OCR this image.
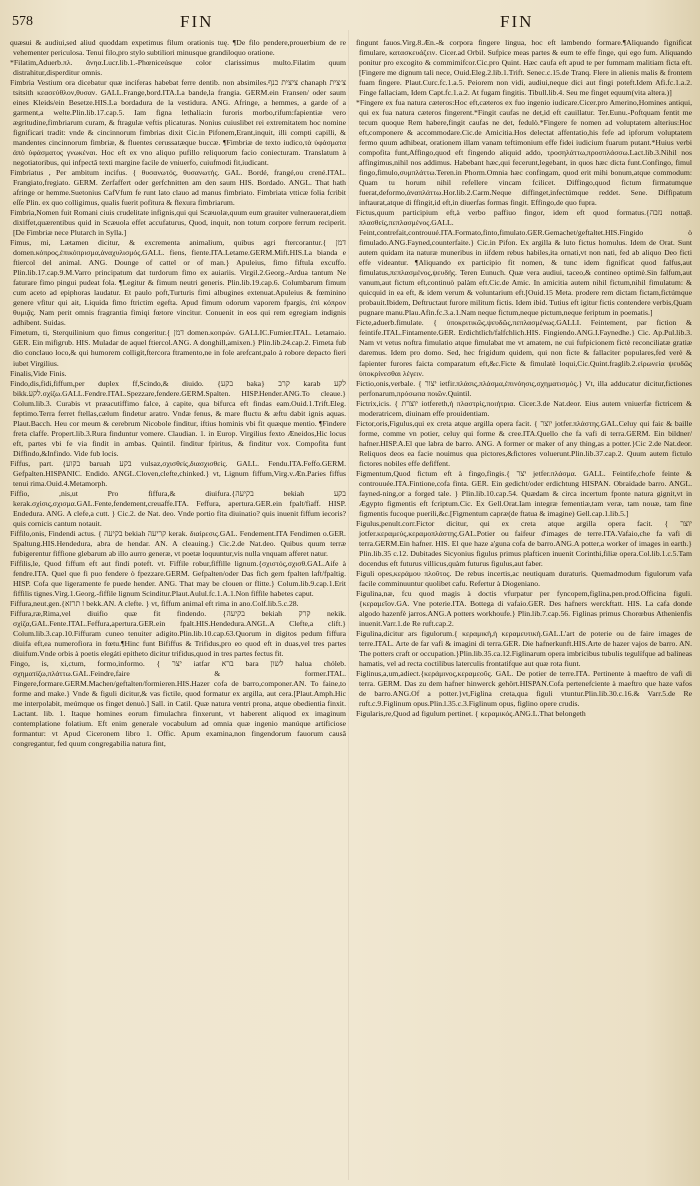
578	FIN	FIN

quæsui & audiui,sed aliud quoddam expetimus filum orationis tuę. ¶De filo pendere,prouerbium de re vehementer periculosa. Tenui filo,pro stylo subtiliori minusque grandiloquo oratione.

*Filatim,Aduerb.πλ. ἄνηα.Lucr.lib.1.-Phœniceúsque color clarissimus multo.Filatim quum distrahitur,disperditur omnis.

Fimbria Vestium ora dicebatur quæ inciferas habebat ferre dentib. non absimiles.ציצית כנף chanaph צ׳צית tsitsith κεασεύθλον,θυσαν. GALL.Frange,bord.ITA.La bande,la frangia. GERM.ein Fransen/ oder saum eines Kleids/ein Besetze.HIS.La bordadura de la vestidura. ANG. Afringe, a hemmes, a garde of a garment,a welte.Plin.lib.17.cap.5. Iam figna lethalia:in furoris morbo,rifum:fapientiæ vero ægritudine,fimbriarum curam, & ftragulæ veftis plicaturas. Nonius cuiuslibet rei extremitatem hoc nomine fignificari tradit: vnde & cincinnorum fimbrias dixit Cic.in Pifonem,Erant,inquit, illi compti capilli, & mandentes cincinnorum fimbriæ, & fluentes cerussatæque buccæ. ¶Fimbriæ de texto iudico,τὰ ὑφάσματα ἀπὸ ὑφάσματος γνωκέναι. Hoc eft ex vno aliquo pufillo reliquorum facio coniecturam. Translatum à negotiatoribus, qui infpectâ texti margine facile de vniuerfo, cuiufmodi fit,iudicant.

Fimbriatus , Per ambitum incifus. { θυσανωτός, θυσανωτής. GAL. Bordé, frangé,ou crené.ITAL. Frangiato,fregiato. GERM. Zerfaffert oder gerfchnitten am den saum HIS. Bordado. ANGL. That hath afringe or hemme.Suetonius CafVfum fe runt lato clauo ad manus fimbriato. Fimbriata vtticæ folia fcribit eſſe Plin. ex quo colligimus, qualis fuerit pofitura & flexura fimbriarum.

Fimbria,Nomen fuit Romani ciuis crudelitate infignis,qui qui Scæuolæ,quum eum grauiter vulnerauerat,diem dixiffet,quærentibus quid in Scæuola effet accufaturus, Quod, inquit, non totum corpore ferrum reciperit.[De Fimbriæ nece Plutarch in Sylla.]

Fimus, mi, Lætamen dicitur, & excrementa animalium, quibus agri ftercorantur.{ דמן domen.κόπρος,ἐπικόπρισμα,ἀναχυλισμός.GALL. fiens, fiente.ITA.Letame.GERM.Mift.HIS.La bianda e ftiercol del animal. ANG. Dounge of cattel or of man.} Apuleius, fimo fiftula excuffo. Plin.lib.17.cap.9.M.Varro principatum dat turdorum fimo ex auiariis. Virgil.2.Georg.-Ardua tantum Ne faturare fimo pingui pudeat fola. ¶Legitur & fimum neutri generis. Plin.lib.19.cap.6. Columbarum fimum cum aceto ad epiphoras laudatur. Et paulo poft,Turturis fimi albugines extenuat.Apuleius & fœminino genere vfitur qui ait, Liquida fimo ftrictim egefta. Apud fimum odorum vaporem fpargis, ἐπὶ κόπρον θυμιᾷς. Nam perit omnis fragrantia fimiqi fœtore vincitur. Conuenit in eos qui rem egregiam indignis adhibent. Suidas.

Fimetum, ti, Sterquilinium quo fimus congeritur.{ דמן domen.κοπρών. GALLIC.Fumier.ITAL. Letamaio. GER. Ein mifigrub. HIS. Muladar de aquel ftiercol.ANG. A donghill,amixen.} Plin.lib.24.cap.2. Fimeta fub dio conclauo loco,& qui humorem colligit,ftercora ftramento,ne in fole arefcant,palo à robore depacto fieri iubet Virgilius.

Finalis,Vide Finis.

Findo,dis,fidi,fiffum,per duplex ff,Scindo,& diuido. {בקע baka} קרב karab לקע bikk.לקע.σχίζω.GALL.Fendre.ITAL.Spezzare,fendere.GERM.Spalten. HISP.Hender.ANG.To cleaue.} Colum.lib.3. Curabis vt præacutiffimo falce, à capite, qua bifurca eft findas eam.Ouid.1.Trift.Eleg. feptimo.Terra ferret ftellas,cælum findetur aratro. Vndæ fenus, & mare fluctu & æftu dabit ignis aquas. Plaut.Bacch. Heu cor meum & cerebrum Nicobole finditur, iftius hominis vbi fit quæque mentio. ¶Findere freta claffe. Propert.lib.3.Rura finduntur vomere. Claudian. 1. in Europ. Virgilius fexto Æneidos,Hic locus eft, partes vbi fe via findit in ambas. Quintil. finditur fpiritus, & finditur vox. Compofita funt Diffindo,&Infindo. Vide fub locis.

Fiffus, part. {בקוע baruah בקע vulsaz,σχισθείς,διασχισθείς. GALL. Fendu.ITA.Feffo.GERM. Gefpalten.HISPANIC. Endido. ANGL.Cloven,clefte,chinked.} vt, Lignum fiffum,Virg.v.Æn.Paries fiffus tenui rima.Ouid.4.Metamorph.

Fiffio, ,nis,ut Pro fiffura,& diuifura.{בקיעה bekiah בקע kerak.σχίσις,σχισμα.GAL.Fente,fendement,creuaffe.ITA. Feffura, apertura.GER.ein fpalt/fiaff. HISP. Endedura. ANG. A clefe,a cutt. } Cic.2. de Nat. deo. Vnde portio fita diuinatio? quis inuenit fiffum iecoris?quis cornicis cantum notauit.

Fiffilo,onis, Findendi actus. { בקיעה bekiah קריעה kerak. διαίρεσις.GAL. Fendement.ITA Fendimen o.GER. Spaltung.HIS.Hendedura, abra de hendar. AN. A cleauing.} Cic.2.de Nat.deo. Quibus quum terræ fubigerentur fiffione glebarum ab illo aurro generæ, vt poetæ loquuntur,vis nulla vnquam afferet natur.

Fiffilis,le, Quod fiffum eft aut findi poteft. vt. Fiffile robur,fiffille lignum.{σχιστός,σχισθ.GAL.Aife à fendre.ITA. Quel que fi puo fendere ò fpezzare.GERM. Gefpalten/oder Das fich gern fpalten laft/fpaltig. HISP. Cofa que ligeramente fe puede hender. ANG. That may be clouen or flitte.} Colum.lib.9.cap.1.Erit fiffilis tignes.Virg.1.Georg.-fiffile lignum Scinditur.Plaut.Aulul.fc.1.A.1.Non fiffile habetes caput.

Fiffura,neut.gen.{ז תרזא bekk.AN. A clefte. } vt, fiffum animal eft rima in ano.Colf.lib.5.c.28.

Fiffura,ræ,Rima,vel diuifio quæ fit findendo. {בקיעה bekiah קרק nekik. σχίζα,GAL.Fente.ITAL.Feffura,apertura.GER.ein fpalt.HIS.Hendedura.ANGL.A Clefte,a clift.} Colum.lib.3.cap.10.Fiffuram cuneo tenuiter adigito.Plin.lib.10.cap.63.Quorum in digitos pedum fiffura diuifa eft,ea numerofiora in fœtu.¶Hinc funt Bififfus & Trifidus,pro eo quod eft in duas,vel tres partes diuifum.Vnde orbis à poetis elegáti epitheto dicitur trifidus,quod in tres partes fectus fit.

Fingo, is, xi,ctum, formo,informo. { יצר iatfar ברא bara לשון halua chóleb. σχηματίζω,πλάττω.GAL.Feindre,faire & former.ITAL. Fingere,formare.GERM.Machen/geftalten/formieren.HIS.Hazer cofa de barro,componer.AN. To faine,to forme and make.} Vnde & figuli dicitur,& vas fictile, quod formatur ex argilla, aut cera.[Plaut.Amph.Hic me interpolabit, meúmque os finget denuò.] Sall. in Catil. Quæ natura ventri prona, atque obedientia finxit. Lactant. lib. 1. Itaque homines eorum fimulachra finxerunt, vt haberent aliquod ex imaginum contemplatione folatium. Eft enim generale vocabulum ad omnia quæ ingenio manúque artificiose formantur: vt Apud Ciceronem libro 1. Offic. Apum examina,non fingendorum fauorum causâ congregantur, fed quum congregabilia natura fint,

fingunt fauos.Virg.8.Æn.-& corpora fingere lingua, hoc eft lambendo formare.¶Aliquando fignificat fimulare, κατασκευάζειν. Cicer.ad Orbil. Sufpice meas partes & eum te effe finge, qui ego fum. Aliquando ponitur pro excogito & commimifcor.Cic.pro Quint. Hæc caufa eft apud te per fummam malitiam ficta eft. [Fingere me dignum tali nece, Ouid.Eleg.2.lib.1.Trift. Senec.c.15.de Tranq. Flere in alienis malis & frontem fuam fingere. Plaut.Curc.fc.1.a.5. Peiorem non vidi, audiui,neque dici aut fingi poteft.Idem Afi.fc.1.a.2. Finge fallaciam, Idem Capt.fc.1.a.2. At fugam fingitis. Tibull.lib.4. Seu me finget equum(vita altera.)]

*Fingere ex fua natura cæteros:Hoc eft,cæteros ex fuo ingenio iudicare.Cicer.pro Amerino,Homines antiqui, qui ex fua natura cæteros fingerent.*Fingit caufas ne det,id eft cauillatur. Ter.Eunu.-Poftquam fentit me tecum quoque Rem habere,fingit caufas ne det, fedulò.*Fingere fe nomen ad voluptatem alterius:Hoc eft,componere & accommodare.Cic.de Amicitia.Hos delectat affentatio,his fefe ad ipforum voluptatem fermo quum adhibeat, orationem illam vanam teftimonium effe fidei iudicium fuarum putant.*Huius verbi compofita funt,Affingo,quod eft fingendo aliquid addo, τροσηλάττω,προσπλάσσω.Lact.lib.3.Nihil nos affingimus,nihil nos addimus. Habebant hæc,qui fecerunt,legebant, in quos hæc dicta funt.Confingo, fimul fingo,fimulo,συμπλάττω.Teren.in Phorm.Omnia hæc confingam, quod erit mihi bonum,atque commodum: Quam tu horum nihil refellere vincam fcilicet. Diffingo,quod fictum firmatumque fuerat,deformo,ἀναπλάττω.Hor.lib.2.Carm.Neque diffinget,infectúmque reddet. Sene. Diffipatum inftaurat,atque di ffingit,id eft,in diuerfas formas fingit. Effingo,de quo fupra.

Fictus,quum participium eft,à verbo paffiuo fingor, idem eft quod formatus.{נזבה nottaβ. πλασθείς,πεπλασμένος.GALL. Feint,contrefait,controuué.ITA.Formato,finto,fimulato.GER.Gemachet/geftaltet.HIS.Fingido ò fimulado.ANG.Fayned,counterfaite.} Cic.in Pifon. Ex argilla & luto fictus homulus. Idem de Orat. Sunt autem quidam ita naturæ muneribus in iifdem rebus habiles,ita ornati,vt non nati, fed ab aliquo Deo ficti effe videantur. ¶Aliquando ex participio fit nomen, & tunc idem fignificat quod falfus,aut fimulatus,πεπλασμένος,ψευδής. Teren Eunuch. Quæ vera audiui, taceo,& contineo optimè.Sin falfum,aut vanum,aut fictum eft,continuò palàm eft.Cic.de Amic. In amicitia autem nihil fictum,nihil fimulatum: & quicquid in ea eft, & idem verum & voluntarium eft.[Ouid.15 Meta. prodere rem dictam fictam,fictúmque probauit.Ibidem, Deftructaut furore militum fictis. Idem ibid. Tutius eft igitur fictis contendere verbis,Quam pugnare manu.Plau.Afin.fc.3.a.1.Nam neque fictum,neque pictum,neque feriptum in poematis.]

Ficte,aduerb.fimulate. { ὑποκριτικῶς,ψευδῶς,πεπλασμένως.GALLI. Feintement, par fiction & feintife.ITAL.Fintamente.GER. Erdichtlich/falfchlich.HIS. Fingiendo.ANG.I.Faynedhe.} Cic. Ap.Pul.lib.3. Nam vt vetus noftra fimulatio atque fimulabat me vt amatem, ne cui fufpicionem fictè reconciliatæ gratiæ daremus. Idem pro domo. Sed, hec frigidum quidem, qui non ficte & fallaciter populares,fed verè & fapienter furores faicta comparatum eft,&c.Ficte & fimulatè loqui,Cic.Quint.fraglib.2.εἰρωνεία ψευδῶς ὑποκρίνεσθαι λέγειν.

Fictio,onis,verbale. { יצור ietfir.πλάσις,πλάσμα,ἐπινόησις,σχηματισμός.} Vt, illa adducatur dicitur,fictiones perfonarum,πρόσωπα ποιῶν.Quintil.

Fictrix,icis. { יוצרת iotfereth,ἡ πλαστρὶς,ποιήτρια. Cicer.3.de Nat.deor. Eius autem vniuerfæ fictricem & moderatricem, diuinam effe prouidentiam.

Fictor,oris,Figulus,qui ex creta atque argilla opera facit. { יוצר jotfer.πλάστης.GAL.Celuy qui faiɛ & baille forme, comme vn potier, celuy qui forme & cree.ITA.Quello che fa vafi di terra.GERM. Ein bildner/ hafner.HISP.A.El que labra de barro. ANG. A former or maker of any thing,as a potter.}Cic 2.de Nat.deor. Reliquos deos ea facie nouimus qua pictores,&fictores voluerunt.Plin.lib.37.cap.2. Quum autem fictulo fictores nobiles effe defiffent.

Figmentum,Quod fictum eft à fingo,fingis.{ יצר jetfer.πλάσμα. GALL. Feintife,chofe feinte & controuuée.ITA.Fintione,cofa finta. GER. Ein gedicht/oder erdichtung HISPAN. Obraidade barro. ANGL. fayned-ning,or a forged tale. } Plin.lib.10.cap.54. Quædam & circa incertum fponte natura gignit,vt in Ægypto figmentis eft fcriptum.Cic. Ex Gell.Orat.Iam integræ fementiæ,tam veræ, tam nouæ, tam fine figmentis fucoque puerili,&c.[Figmentum capræ(de ftatua & imagine) Gell.cap.1.lib.5.]

Figulus,penult.corr.Fictor dicitur, qui ex creta atque argilla opera facit. { יוצר jotfer.κεραμεύς,κεραμοπλάστης.GAL.Potier ou faifeur d'images de terre.ITA.Vafaio,che fa vafi di terra.GERM.Ein hafner. HIS. El que haze a'guna cofa de barro.ANG.A potter,a worker of images in earth.} Plin.lib.35 c.12. Dubitades Sicyonius figulus primus plafticen inuenit Corinthi,filiæ opera.Col.lib.1.c.5.Tam docendus eft futurus villicus,quàm futurus figulus,aut faber.

Figuli opes,κεράμου πλοῦτος. De rebus incertis,ac neutiquam duraturis. Quemadmodum figulorum vafa facile comminuuntur quolibet cafu. Refertur à Diogeniano.

Figulina,næ, fcu quod magis à doctis vfurpatur per fyncopem,figlina,pen.prod.Officina figuli.{κεραμεῖον.GA. Vne poterie.ITA. Bottega di vafaio.GER. Des hafners werckftatt. HIS. La cafa donde algodo hazenfè jarros.ANG.A potters workhoufe.} Plin.lib.7.cap.56. Figlinas primus Chorœbus Athenienfis inuenit.Varr.1.de Re ruft.cap.2.

Figulina,dicitur ars figulorum.{ κεραμικὴ,ἡ κεραμευτικὴ.GAL.L'art de poterie ou de faire images de terre.ITAL. Arte de far vafi & imagini di terra.GER. Die hafnerkunft.HIS.Arte de hazer vajos de barro. AN. The potters craft or occupation.}Plin.lib.35.ca.12.Figlinarum opera imbricibus tubulis tegulífque ad balineas hamatis, vel ad recta coctilibus laterculis frontatifque aut quæ rota fiunt.

Figlinus,a,um,adiect.{κεράμινος,κεραμεοῦς. GAL. De potier de terre.ITA. Pertinente à maeftro de vafi di terra. GERM. Das zu dem hafner hinwerck gehört.HISPAN.Cofa pertenefciente à maeftro que haze vafos de barro.ANG.Of a potter.}vt,Figlina creta,qua figuli vtuntur.Plin.lib.30.c.16.& Varr.5.de Re ruft.c.9.Figlinum opus.Plin.l.35.c.3.Figlinum opus, figlino opere crudis.

Figularis,re,Quod ad figulum pertinet. { κεραμικός.ANG.L.That belongeth
